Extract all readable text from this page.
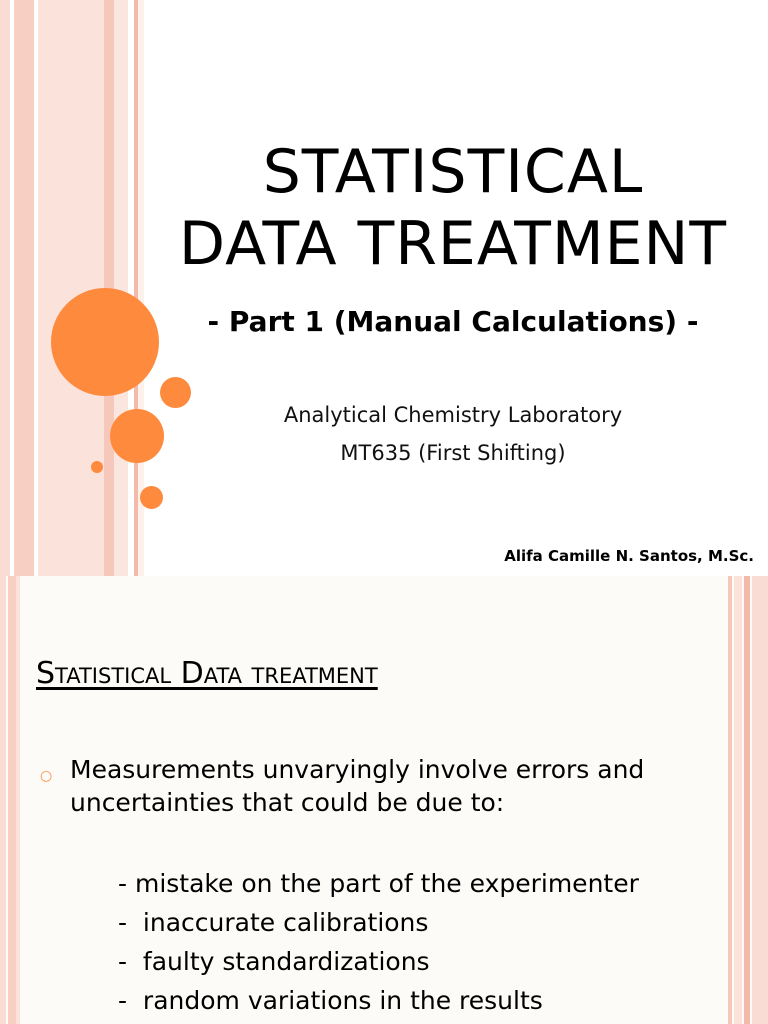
STATISTICAL
DATA TREATMENT
- Part 1 (Manual Calculations) -
Analytical Chemistry Laboratory
MT635 (First Shifting)
Alifa Camille N. Santos, M.Sc.
Statistical Data treatment
○ Measurements unvaryingly involve errors and uncertainties that could be due to:
- mistake on the part of the experimenter
-  inaccurate calibrations
-  faulty standardizations
-  random variations in the results
